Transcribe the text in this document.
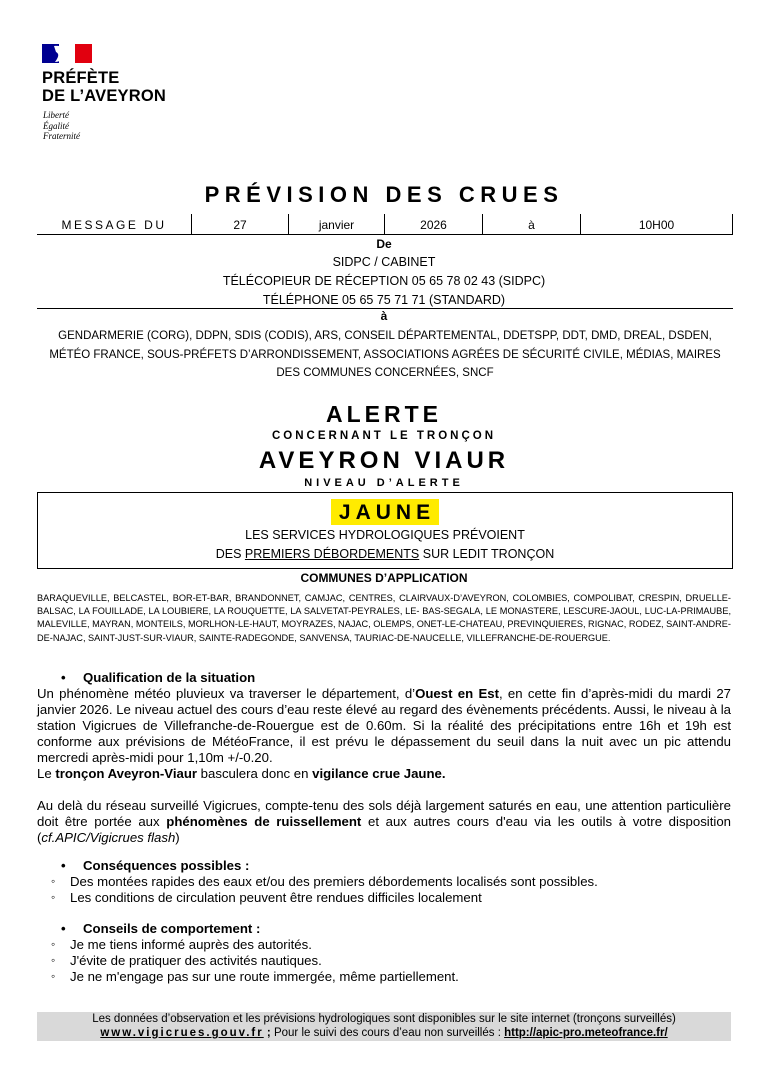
PRÉFÈTE
DE L’AVEYRON
Liberté
Égalité
Fraternité
PRÉVISION DES CRUES
MESSAGE DU	27	janvier	2026	à	10H00
De
SIDPC / CABINET
TÉLÉCOPIEUR DE RÉCEPTION 05 65 78 02 43 (SIDPC)
TÉLÉPHONE 05 65 75 71 71 (STANDARD)
à
GENDARMERIE (CORG), DDPN, SDIS (CODIS), ARS, CONSEIL DÉPARTEMENTAL, DDETSPP, DDT, DMD, DREAL, DSDEN, MÉTÉO FRANCE, SOUS-PRÉFETS D’ARRONDISSEMENT, ASSOCIATIONS AGRÉES DE SÉCURITÉ CIVILE, MÉDIAS, MAIRES DES COMMUNES CONCERNÉES, SNCF
ALERTE
CONCERNANT LE TRONÇON
AVEYRON VIAUR
NIVEAU D’ALERTE
JAUNE
LES SERVICES HYDROLOGIQUES PRÉVOIENT
DES PREMIERS DÉBORDEMENTS SUR LEDIT TRONÇON
COMMUNES D’APPLICATION
BARAQUEVILLE, BELCASTEL, BOR-ET-BAR, BRANDONNET, CAMJAC, CENTRES, CLAIRVAUX-D’AVEYRON, COLOMBIES, COMPOLIBAT, CRESPIN, DRUELLE-BALSAC, LA FOUILLADE, LA LOUBIERE, LA ROUQUETTE, LA SALVETAT-PEYRALES, LE- BAS-SEGALA, LE MONASTERE, LESCURE-JAOUL, LUC-LA-PRIMAUBE, MALEVILLE, MAYRAN, MONTEILS, MORLHON-LE-HAUT, MOYRAZES, NAJAC, OLEMPS, ONET-LE-CHATEAU, PREVINQUIERES, RIGNAC, RODEZ, SAINT-ANDRE-DE-NAJAC, SAINT-JUST-SUR-VIAUR, SAINTE-RADEGONDE, SANVENSA, TAURIAC-DE-NAUCELLE, VILLEFRANCHE-DE-ROUERGUE.
• Qualification de la situation
Un phénomène météo pluvieux va traverser le département, d’Ouest en Est, en cette fin d’après-midi du mardi 27 janvier 2026. Le niveau actuel des cours d’eau reste élevé au regard des évènements précédents. Aussi, le niveau à la station Vigicrues de Villefranche-de-Rouergue est de 0.60m. Si la réalité des précipitations entre 16h et 19h est conforme aux prévisions de MétéoFrance, il est prévu le dépassement du seuil dans la nuit avec un pic attendu mercredi après-midi pour 1,10m +/-0.20.
Le tronçon Aveyron-Viaur basculera donc en vigilance crue Jaune.
Au delà du réseau surveillé Vigicrues, compte-tenu des sols déjà largement saturés en eau, une attention particulière doit être portée aux phénomènes de ruissellement et aux autres cours d'eau via les outils à votre disposition (cf.APIC/Vigicrues flash)
• Conséquences possibles :
◦ Des montées rapides des eaux et/ou des premiers débordements localisés sont possibles.
◦ Les conditions de circulation peuvent être rendues difficiles localement
• Conseils de comportement :
◦ Je me tiens informé auprès des autorités.
◦ J'évite de pratiquer des activités nautiques.
◦ Je ne m'engage pas sur une route immergée, même partiellement.
Les données d’observation et les prévisions hydrologiques sont disponibles sur le site internet (tronçons surveillés)
www.vigicrues.gouv.fr ; Pour le suivi des cours d’eau non surveillés : http://apic-pro.meteofrance.fr/
